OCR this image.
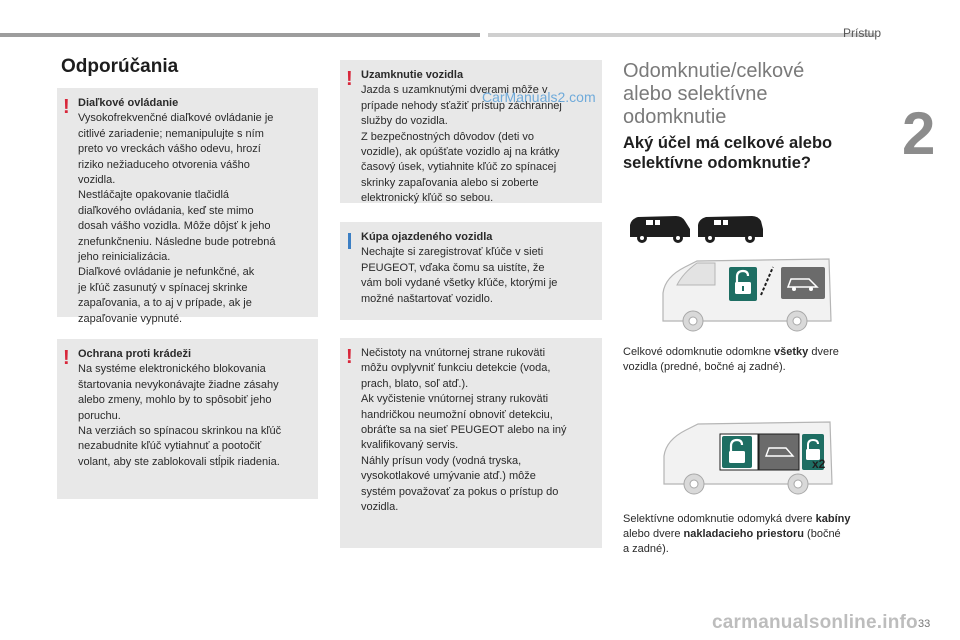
Prístup
2
Odporúčania
! Diaľkové ovládanie

Vysokofrekvenčné diaľkové ovládanie je
citlivé zariadenie; nemanipulujte s ním
preto vo vreckách vášho odevu, hrozí
riziko nežiaduceho otvorenia vášho
vozidla.
Nestláčajte opakovanie tlačidlá
diaľkového ovládania, keď ste mimo
dosah vášho vozidla. Môže dôjsť k jeho
znefunkčneniu. Následne bude potrebná
jeho reinicializácia.
Diaľkové ovládanie je nefunkčné, ak
je kľúč zasunutý v spínacej skrinke
zapaľovania, a to aj v prípade, ak je
zapaľovanie vypnuté.

! Ochrana proti krádeži

Na systéme elektronického blokovania
štartovania nevykonávajte žiadne zásahy
alebo zmeny, mohlo by to spôsobiť jeho
poruchu.
Na verziách so spínacou skrinkou na kľúč
nezabudnite kľúč vytiahnuť a pootočiť
volant, aby ste zablokovali stĺpik riadenia.

! Uzamknutie vozidla

Jazda s uzamknutými dverami môže v
prípade nehody sťažiť prístup záchrannej
služby do vozidla.
Z bezpečnostných dôvodov (deti vo
vozidle), ak opúšťate vozidlo aj na krátky
časový úsek, vytiahnite kľúč zo spínacej
skrinky zapaľovania alebo si zoberte
elektronický kľúč so sebou.

CarManuals2.com
Kúpa ojazdeného vozidla

Nechajte si zaregistrovať kľúče v sieti
PEUGEOT, vďaka čomu sa uistíte, že
vám boli vydané všetky kľúče, ktorými je
možné naštartovať vozidlo.

! Nečistoty na vnútornej strane rukoväti
môžu ovplyvniť funkciu detekcie (voda,
prach, blato, soľ atď.).
Ak vyčistenie vnútornej strany rukoväti
handričkou neumožní obnoviť detekciu,
obráťte sa na sieť PEUGEOT alebo na iný
kvalifikovaný servis.
Náhly prísun vody (vodná tryska,
vysokotlakové umývanie atď.) môže
systém považovať za pokus o prístup do
vozidla.

Odomknutie/celkové alebo selektívne odomknutie
Aký účel má celkové alebo selektívne odomknutie?
Celkové odomknutie odomkne všetky dvere
vozidla (predné, bočné aj zadné).
x2
Selektívne odomknutie odomyká dvere kabíny
alebo dvere nakladacieho priestoru (bočné
a zadné).
33
carmanualsonline.info
